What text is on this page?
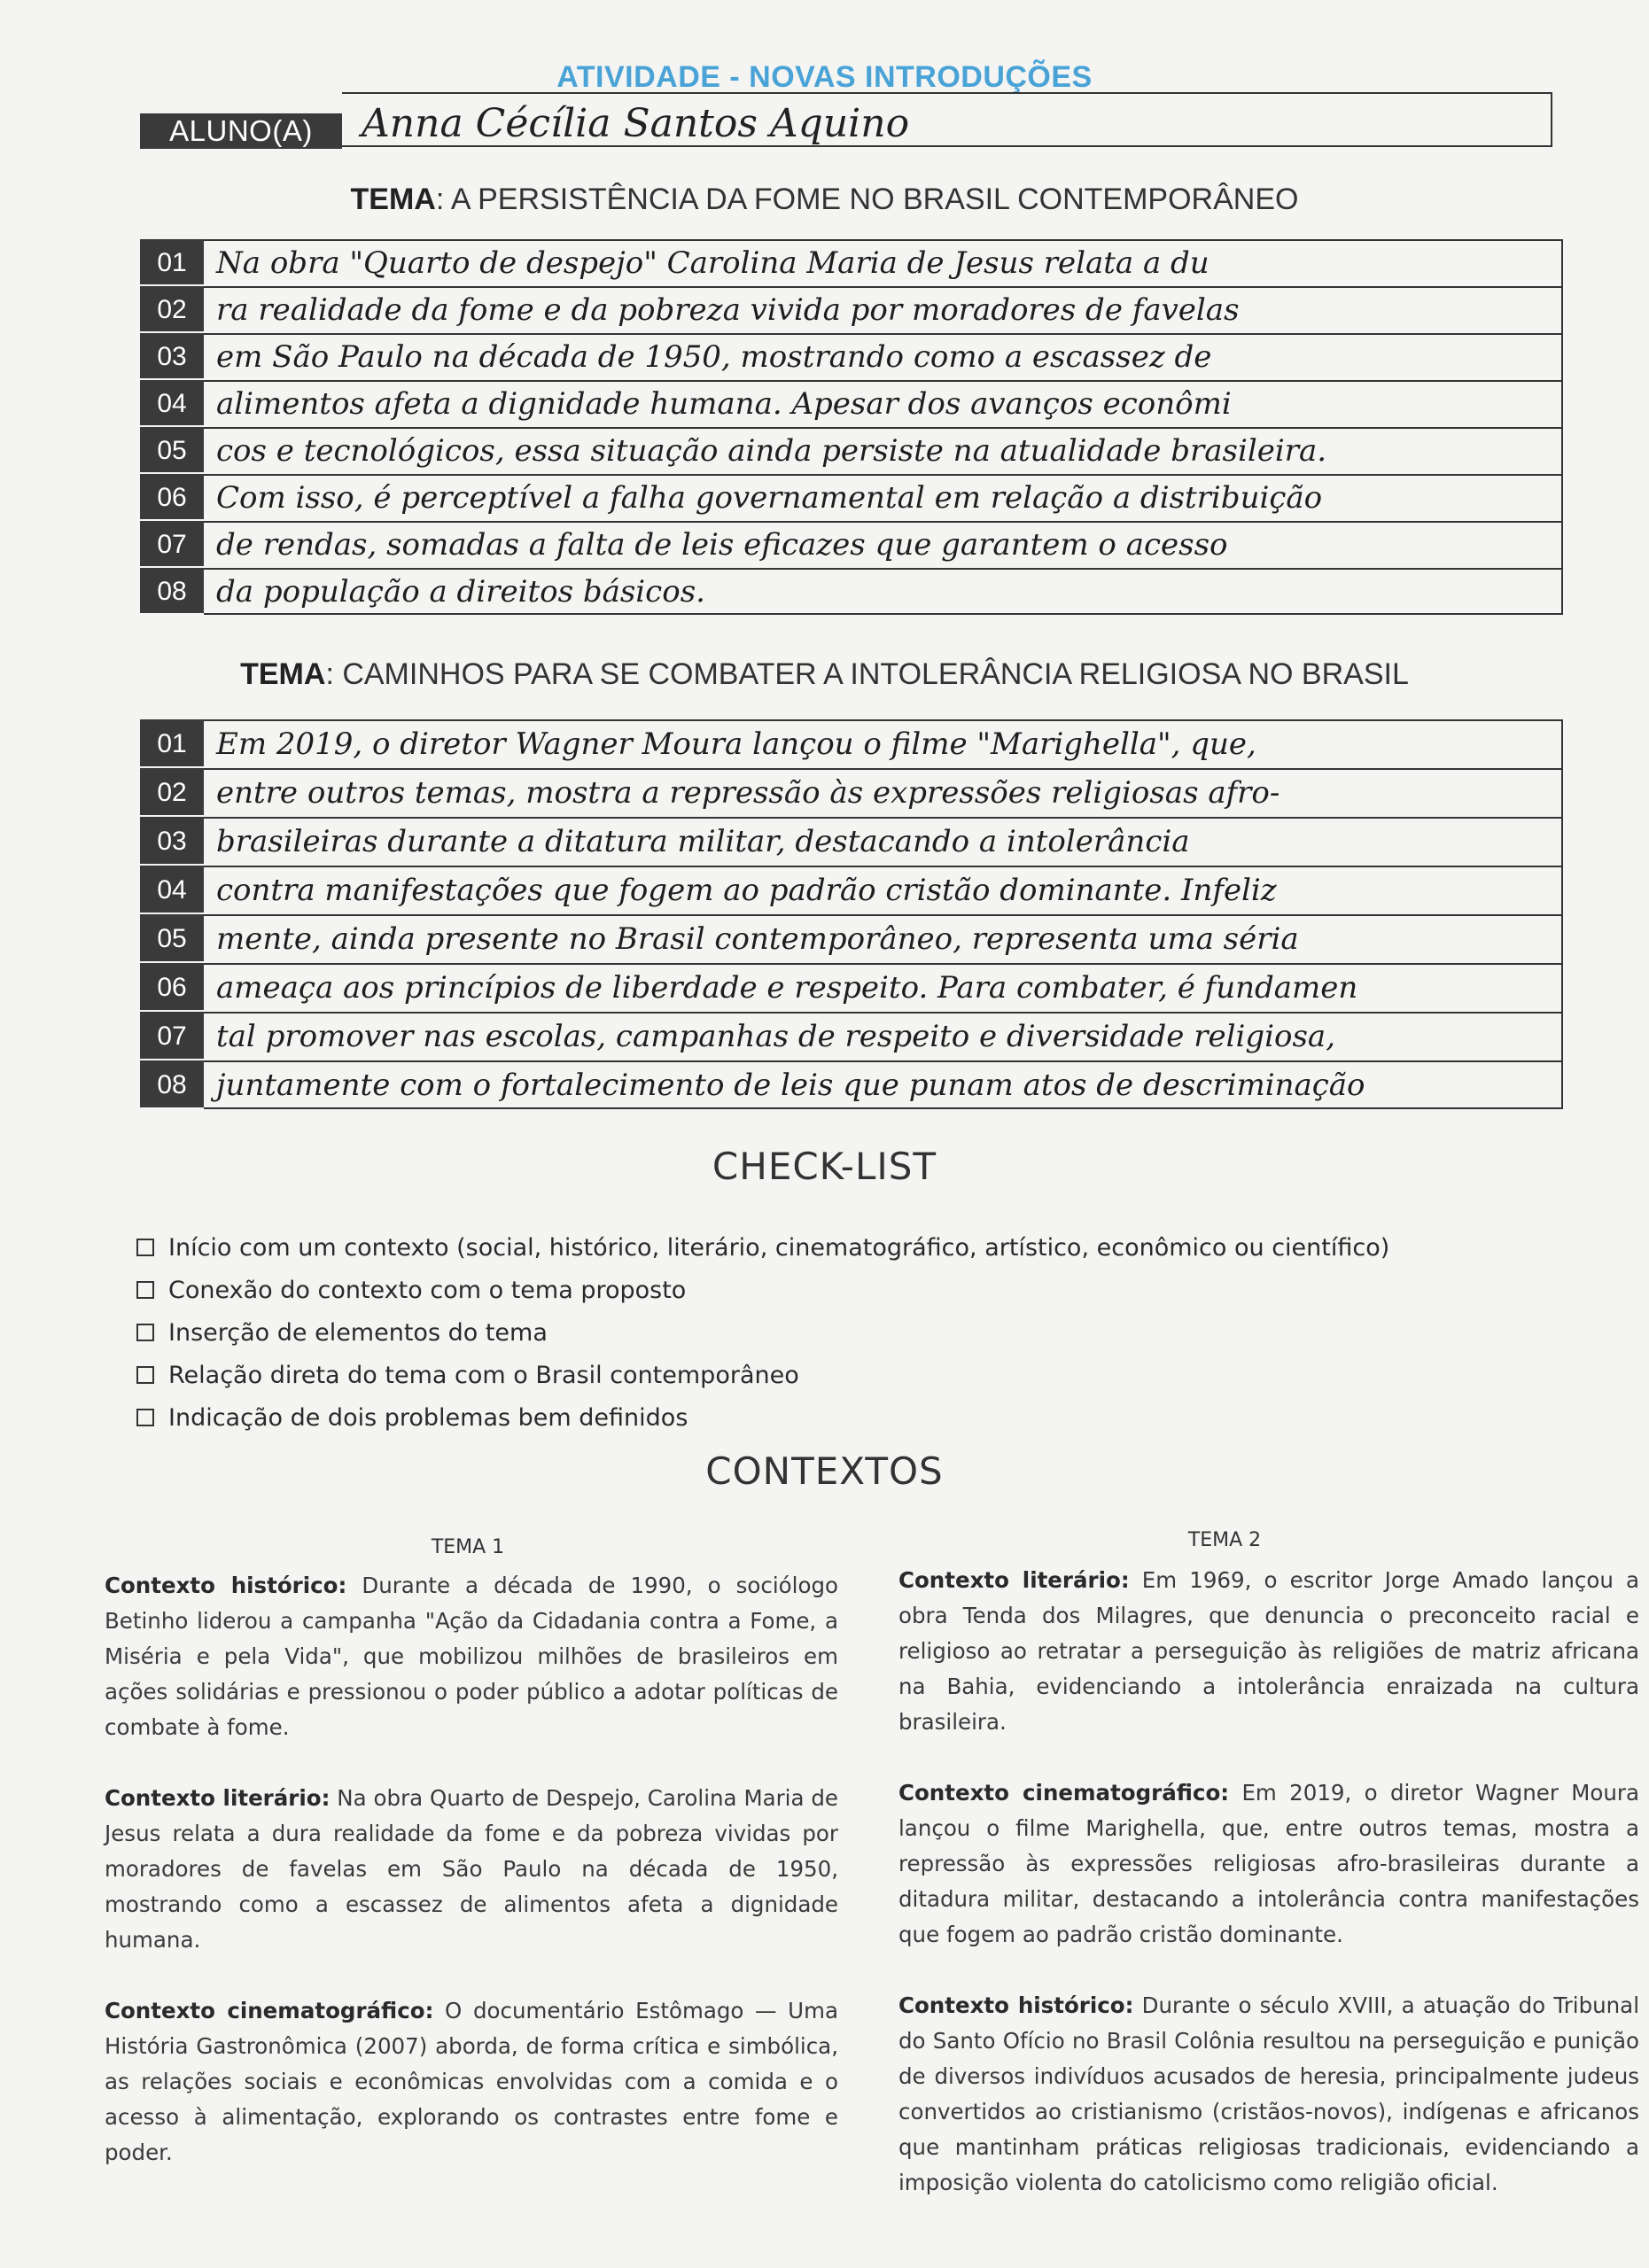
ATIVIDADE - NOVAS INTRODUÇÕES
ALUNO(A)	Anna Cécília Santos Aquino
TEMA: A PERSISTÊNCIA DA FOME NO BRASIL CONTEMPORÂNEO
01
02
03
04
05
06
07
08
Na obra "Quarto de despejo" Carolina Maria de Jesus relata a du
ra realidade da fome e da pobreza vivida por moradores de favelas
em São Paulo na década de 1950, mostrando como a escassez de
alimentos afeta a dignidade humana. Apesar dos avanços econômi
cos e tecnológicos, essa situação ainda persiste na atualidade brasileira.
Com isso, é perceptível a falha governamental em relação a distribuição
de rendas, somadas a falta de leis eficazes que garantem o acesso
da população a direitos básicos.
TEMA: CAMINHOS PARA SE COMBATER A INTOLERÂNCIA RELIGIOSA NO BRASIL
01
02
03
04
05
06
07
08
Em 2019, o diretor Wagner Moura lançou o filme "Marighella", que,
entre outros temas, mostra a repressão às expressões religiosas afro-
brasileiras durante a ditatura militar, destacando a intolerância
contra manifestações que fogem ao padrão cristão dominante. Infeliz
mente, ainda presente no Brasil contemporâneo, representa uma séria
ameaça aos princípios de liberdade e respeito. Para combater, é fundamen
tal promover nas escolas, campanhas de respeito e diversidade religiosa,
juntamente com o fortalecimento de leis que punam atos de descriminação
CHECK-LIST
Início com um contexto (social, histórico, literário, cinematográfico, artístico, econômico ou científico)
Conexão do contexto com o tema proposto
Inserção de elementos do tema
Relação direta do tema com o Brasil contemporâneo
Indicação de dois problemas bem definidos
CONTEXTOS
TEMA 1	TEMA 2

Contexto histórico: Durante a década de 1990, o sociólogo Betinho liderou a campanha "Ação da Cidadania contra a Fome, a Miséria e pela Vida", que mobilizou milhões de brasileiros em ações solidárias e pressionou o poder público a adotar políticas de combate à fome.

Contexto literário: Na obra Quarto de Despejo, Carolina Maria de Jesus relata a dura realidade da fome e da pobreza vividas por moradores de favelas em São Paulo na década de 1950, mostrando como a escassez de alimentos afeta a dignidade humana.

Contexto cinematográfico: O documentário Estômago — Uma História Gastronômica (2007) aborda, de forma crítica e simbólica, as relações sociais e econômicas envolvidas com a comida e o acesso à alimentação, explorando os contrastes entre fome e poder.

Contexto literário: Em 1969, o escritor Jorge Amado lançou a obra Tenda dos Milagres, que denuncia o preconceito racial e religioso ao retratar a perseguição às religiões de matriz africana na Bahia, evidenciando a intolerância enraizada na cultura brasileira.

Contexto cinematográfico: Em 2019, o diretor Wagner Moura lançou o filme Marighella, que, entre outros temas, mostra a repressão às expressões religiosas afro-brasileiras durante a ditadura militar, destacando a intolerância contra manifestações que fogem ao padrão cristão dominante.

Contexto histórico: Durante o século XVIII, a atuação do Tribunal do Santo Ofício no Brasil Colônia resultou na perseguição e punição de diversos indivíduos acusados de heresia, principalmente judeus convertidos ao cristianismo (cristãos-novos), indígenas e africanos que mantinham práticas religiosas tradicionais, evidenciando a imposição violenta do catolicismo como religião oficial.
